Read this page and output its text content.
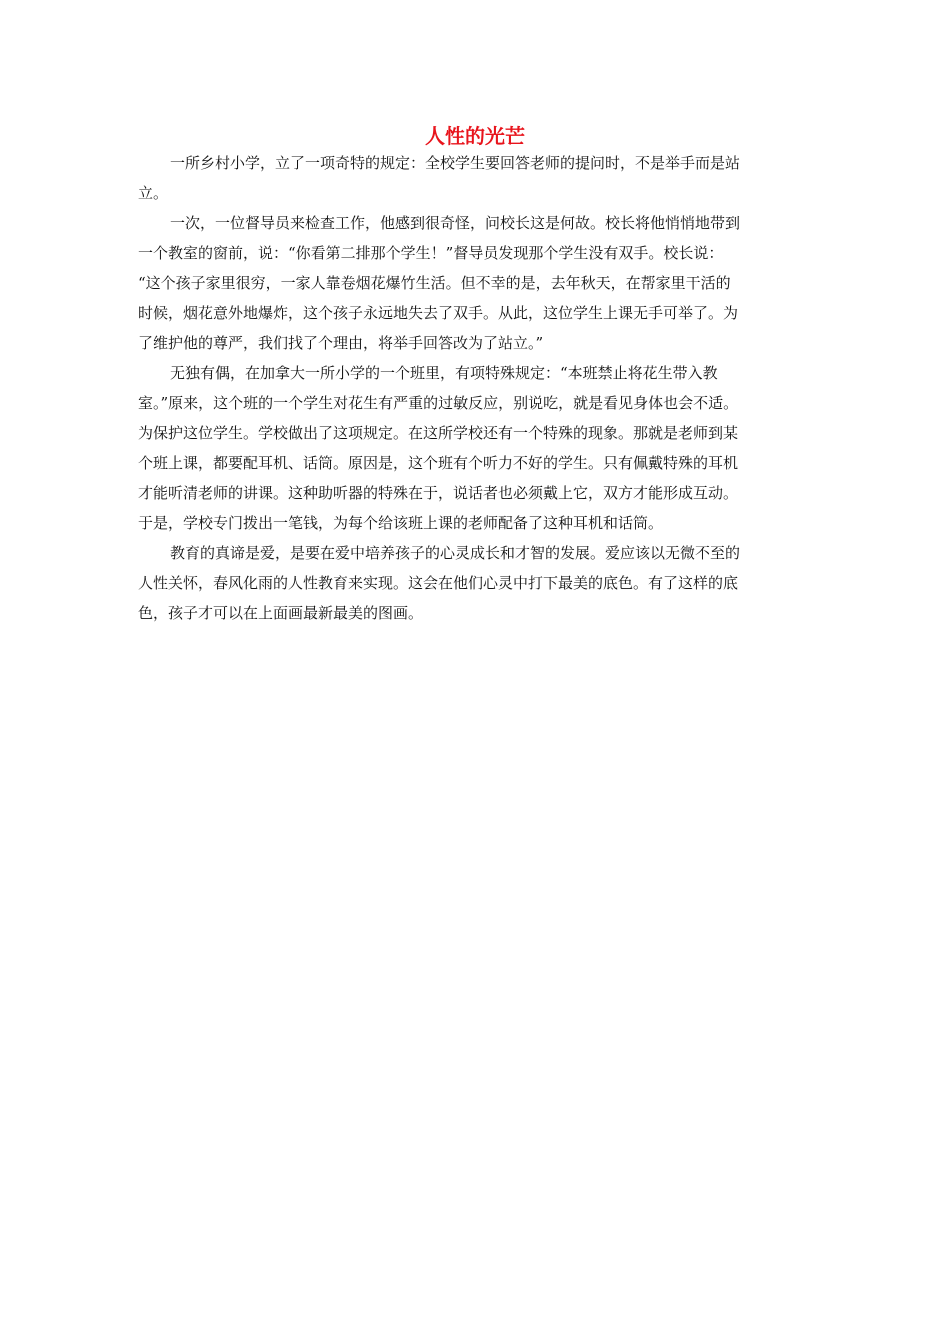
人性的光芒
一所乡村小学，立了一项奇特的规定：全校学生要回答老师的提问时，不是举手而是站
立。
一次，一位督导员来检查工作，他感到很奇怪，问校长这是何故。校长将他悄悄地带到
一个教室的窗前，说：“你看第二排那个学生！”督导员发现那个学生没有双手。校长说：
“这个孩子家里很穷，一家人靠卷烟花爆竹生活。但不幸的是，去年秋天，在帮家里干活的
时候，烟花意外地爆炸，这个孩子永远地失去了双手。从此，这位学生上课无手可举了。为
了维护他的尊严，我们找了个理由，将举手回答改为了站立。”
无独有偶，在加拿大一所小学的一个班里，有项特殊规定：“本班禁止将花生带入教
室。”原来，这个班的一个学生对花生有严重的过敏反应，别说吃，就是看见身体也会不适。
为保护这位学生。学校做出了这项规定。在这所学校还有一个特殊的现象。那就是老师到某
个班上课，都要配耳机、话筒。原因是，这个班有个听力不好的学生。只有佩戴特殊的耳机
才能听清老师的讲课。这种助听器的特殊在于，说话者也必须戴上它，双方才能形成互动。
于是，学校专门拨出一笔钱，为每个给该班上课的老师配备了这种耳机和话筒。
教育的真谛是爱，是要在爱中培养孩子的心灵成长和才智的发展。爱应该以无微不至的
人性关怀，春风化雨的人性教育来实现。这会在他们心灵中打下最美的底色。有了这样的底
色，孩子才可以在上面画最新最美的图画。
